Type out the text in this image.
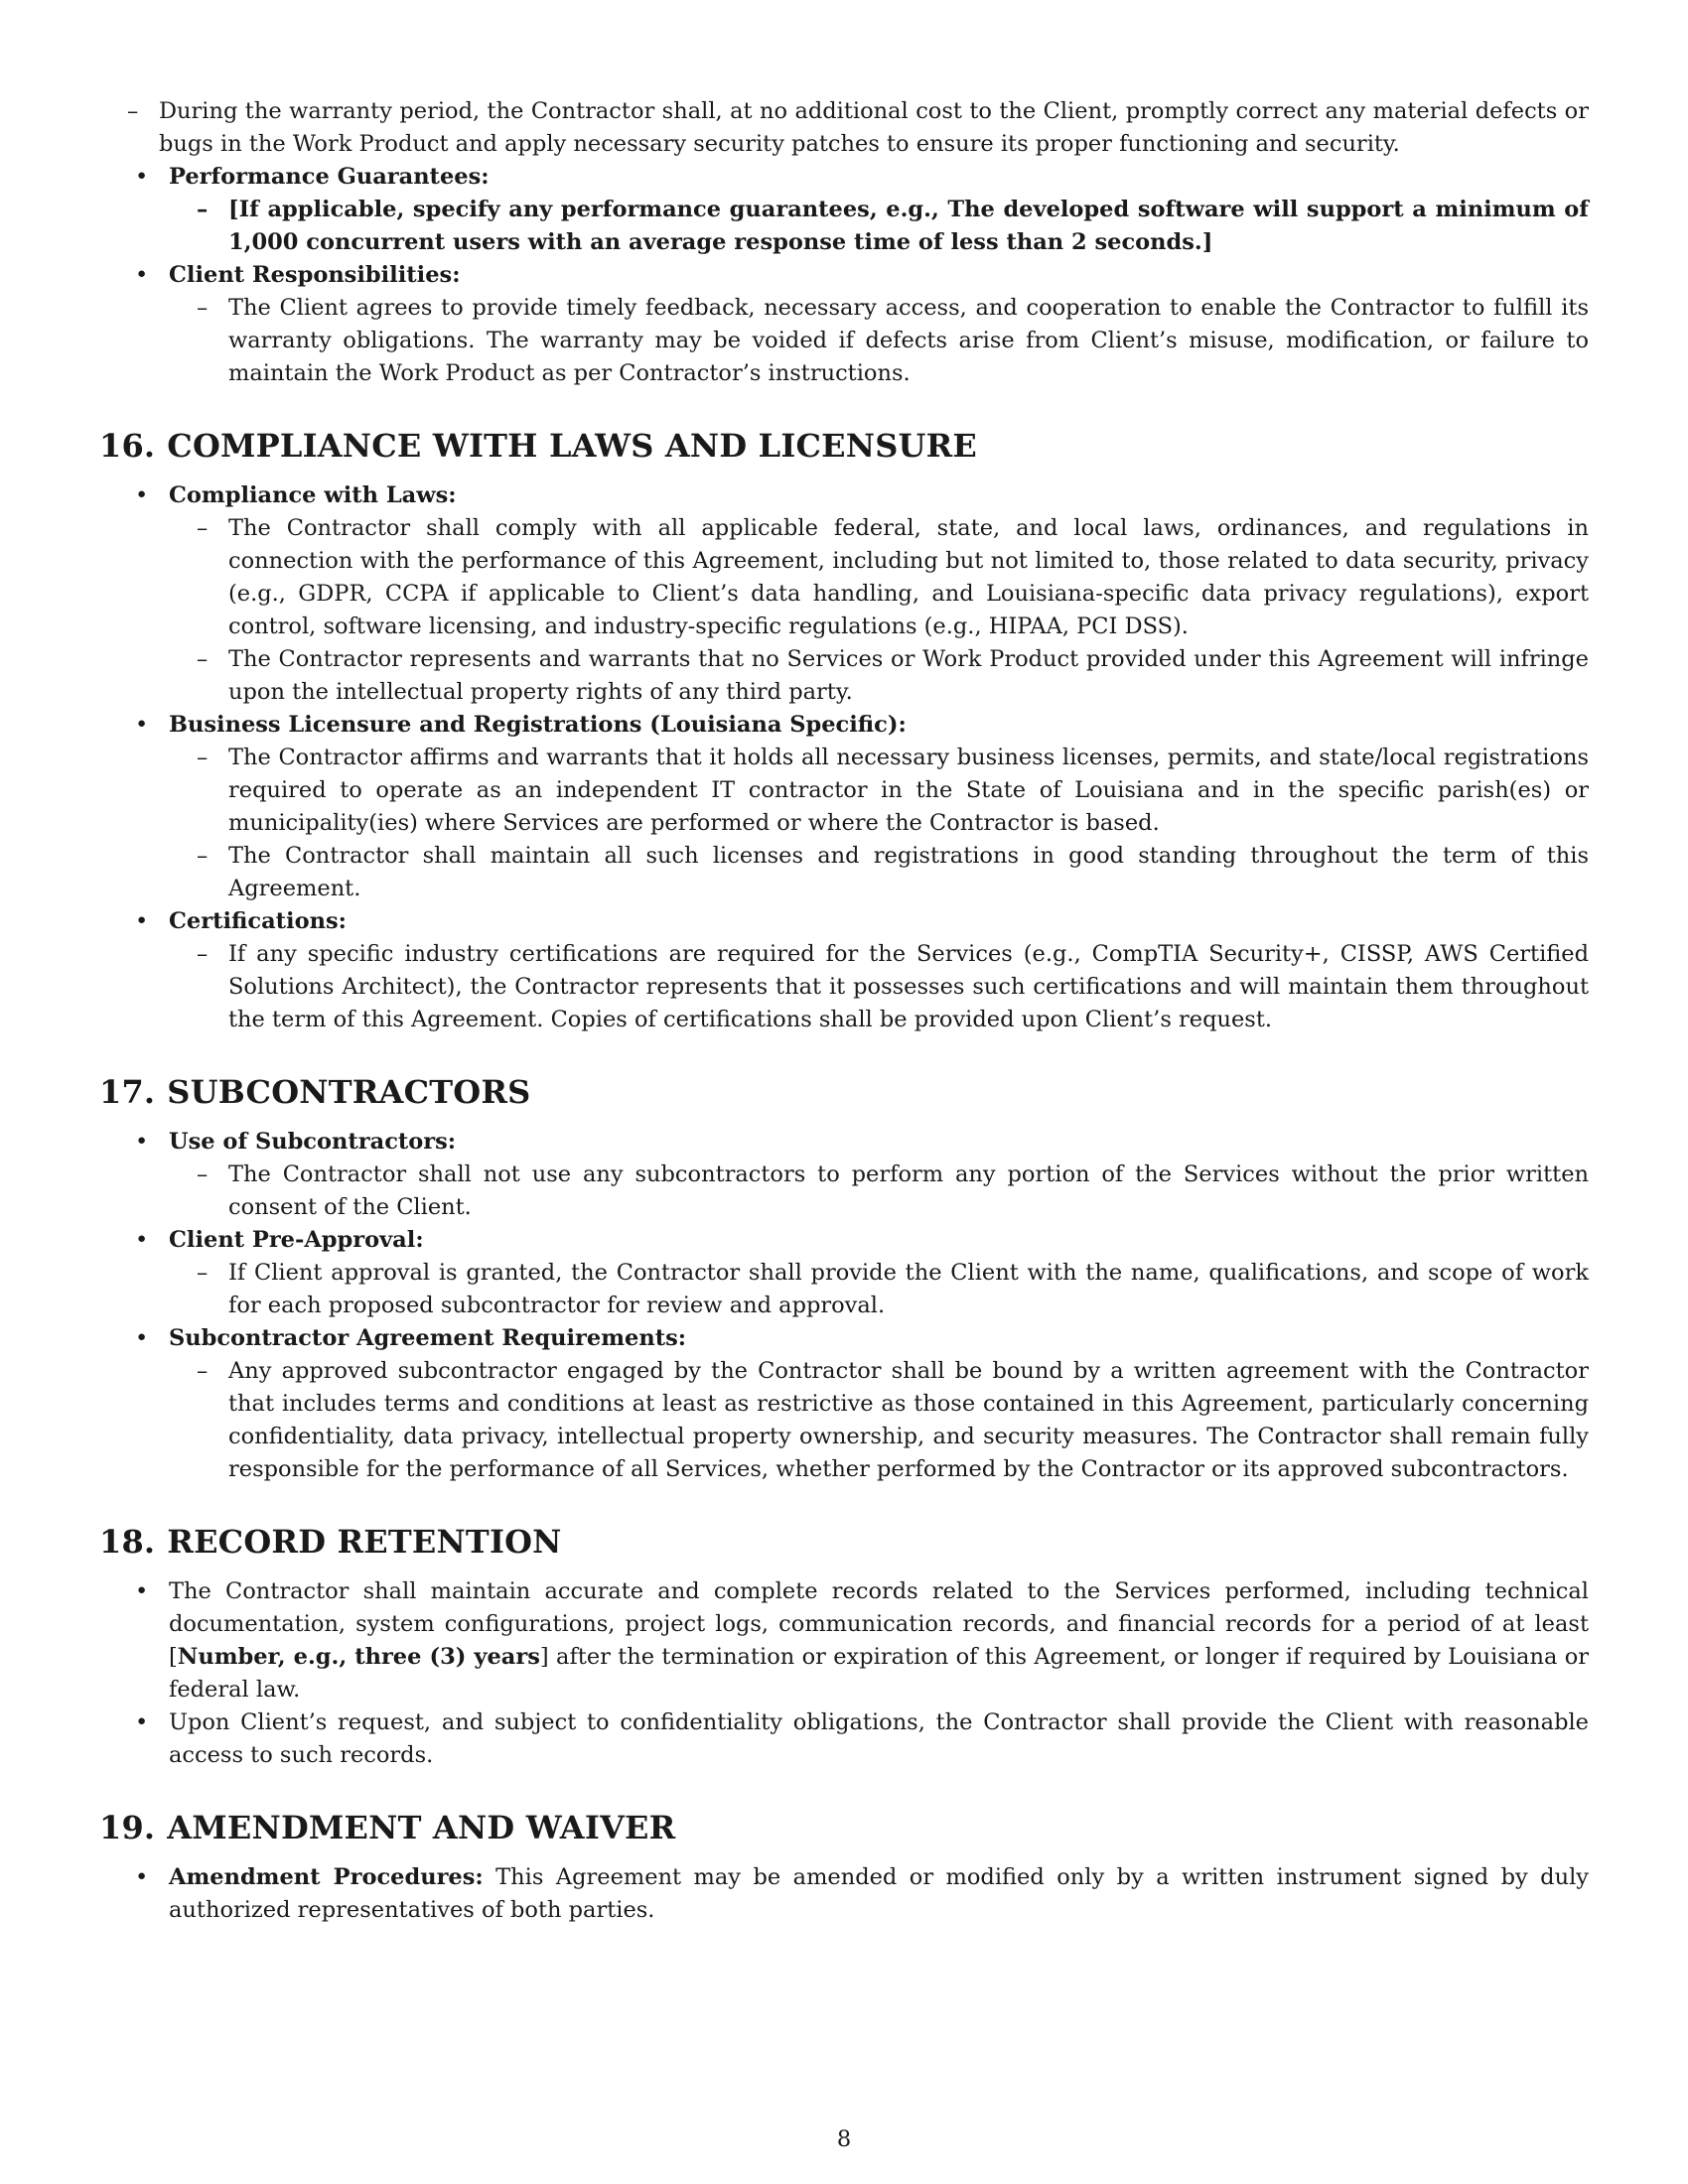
– During the warranty period, the Contractor shall, at no additional cost to the Client, promptly correct any material defects or bugs in the Work Product and apply necessary security patches to ensure its proper functioning and security.
• Performance Guarantees:
– [If applicable, specify any performance guarantees, e.g., The developed software will support a minimum of 1,000 concurrent users with an average response time of less than 2 seconds.]
• Client Responsibilities:
– The Client agrees to provide timely feedback, necessary access, and cooperation to enable the Contractor to fulfill its warranty obligations. The warranty may be voided if defects arise from Client’s misuse, modification, or failure to maintain the Work Product as per Contractor’s instructions.
16. COMPLIANCE WITH LAWS AND LICENSURE
• Compliance with Laws:
– The Contractor shall comply with all applicable federal, state, and local laws, ordinances, and regulations in connection with the performance of this Agreement, including but not limited to, those related to data security, privacy (e.g., GDPR, CCPA if applicable to Client’s data handling, and Louisiana-specific data privacy regulations), export control, software licensing, and industry-specific regulations (e.g., HIPAA, PCI DSS).
– The Contractor represents and warrants that no Services or Work Product provided under this Agreement will infringe upon the intellectual property rights of any third party.
• Business Licensure and Registrations (Louisiana Specific):
– The Contractor affirms and warrants that it holds all necessary business licenses, permits, and state/local registrations required to operate as an independent IT contractor in the State of Louisiana and in the specific parish(es) or municipality(ies) where Services are performed or where the Contractor is based.
– The Contractor shall maintain all such licenses and registrations in good standing throughout the term of this Agreement.
• Certifications:
– If any specific industry certifications are required for the Services (e.g., CompTIA Security+, CISSP, AWS Certified Solutions Architect), the Contractor represents that it possesses such certifications and will maintain them throughout the term of this Agreement. Copies of certifications shall be provided upon Client’s request.
17. SUBCONTRACTORS
• Use of Subcontractors:
– The Contractor shall not use any subcontractors to perform any portion of the Services without the prior written consent of the Client.
• Client Pre-Approval:
– If Client approval is granted, the Contractor shall provide the Client with the name, qualifications, and scope of work for each proposed subcontractor for review and approval.
• Subcontractor Agreement Requirements:
– Any approved subcontractor engaged by the Contractor shall be bound by a written agreement with the Contractor that includes terms and conditions at least as restrictive as those contained in this Agreement, particularly concerning confidentiality, data privacy, intellectual property ownership, and security measures. The Contractor shall remain fully responsible for the performance of all Services, whether performed by the Contractor or its approved subcontractors.
18. RECORD RETENTION
• The Contractor shall maintain accurate and complete records related to the Services performed, including technical documentation, system configurations, project logs, communication records, and financial records for a period of at least [Number, e.g., three (3) years] after the termination or expiration of this Agreement, or longer if required by Louisiana or federal law.
• Upon Client’s request, and subject to confidentiality obligations, the Contractor shall provide the Client with reasonable access to such records.
19. AMENDMENT AND WAIVER
• Amendment Procedures: This Agreement may be amended or modified only by a written instrument signed by duly authorized representatives of both parties.
8
